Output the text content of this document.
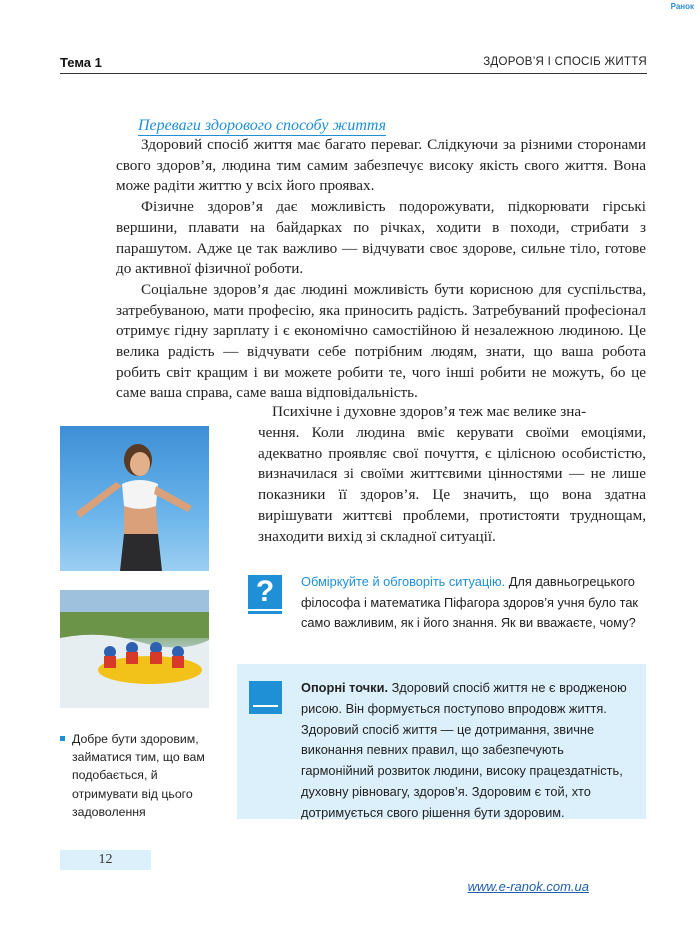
Ранок
Тема 1	ЗДОРОВ’Я І СПОСІБ ЖИТТЯ
Переваги здорового способу життя

Здоровий спосіб життя має багато переваг. Слідкуючи за різними сторонами свого здоров’я, людина тим самим забезпечує високу якість свого життя. Вона може радіти життю у всіх його проявах.

Фізичне здоров’я дає можливість подорожувати, підкорювати гірські вершини, плавати на байдарках по річках, ходити в походи, стрибати з парашутом. Адже це так важливо — відчувати своє здорове, сильне тіло, готове до активної фізичної роботи.

Соціальне здоров’я дає людині можливість бути корисною для суспільства, затребуваною, мати професію, яка приносить радість. Затребуваний професіонал отримує гідну зарплату і є економічно самостійною й незалежною людиною. Це велика радість — відчувати себе потрібним людям, знати, що ваша робота робить світ кращим і ви можете робити те, чого інші робити не можуть, бо це саме ваша справа, саме ваша відповідальність.

Психічне і духовне здоров’я теж має велике зна-
чення. Коли людина вміє керувати своїми емоціями, адекватно проявляє свої почуття, є цілісною особистістю, визначилася зі своїми життєвими цінностями — не лише показники її здоров’я. Це значить, що вона здатна вирішувати життєві проблеми, протистояти труднощам, знаходити вихід зі складної ситуації.
Добре бути здоровим, займатися тим, що вам подобається, й отримувати від цього задоволення
?	Обміркуйте й обговоріть ситуацію. Для давньогрецького філософа і математика Піфагора здоров’я учня було так само важливим, як і його знання. Як ви вважаєте, чому?
Опорні точки. Здоровий спосіб життя не є вродженою рисою. Він формується поступово впродовж життя. Здоровий спосіб життя — це дотримання, звичне виконання певних правил, що забезпечують гармонійний розвиток людини, високу працездатність, духовну рівновагу, здоров’я. Здоровим є той, хто дотримується свого рішення бути здоровим.
12
www.e-ranok.com.ua
